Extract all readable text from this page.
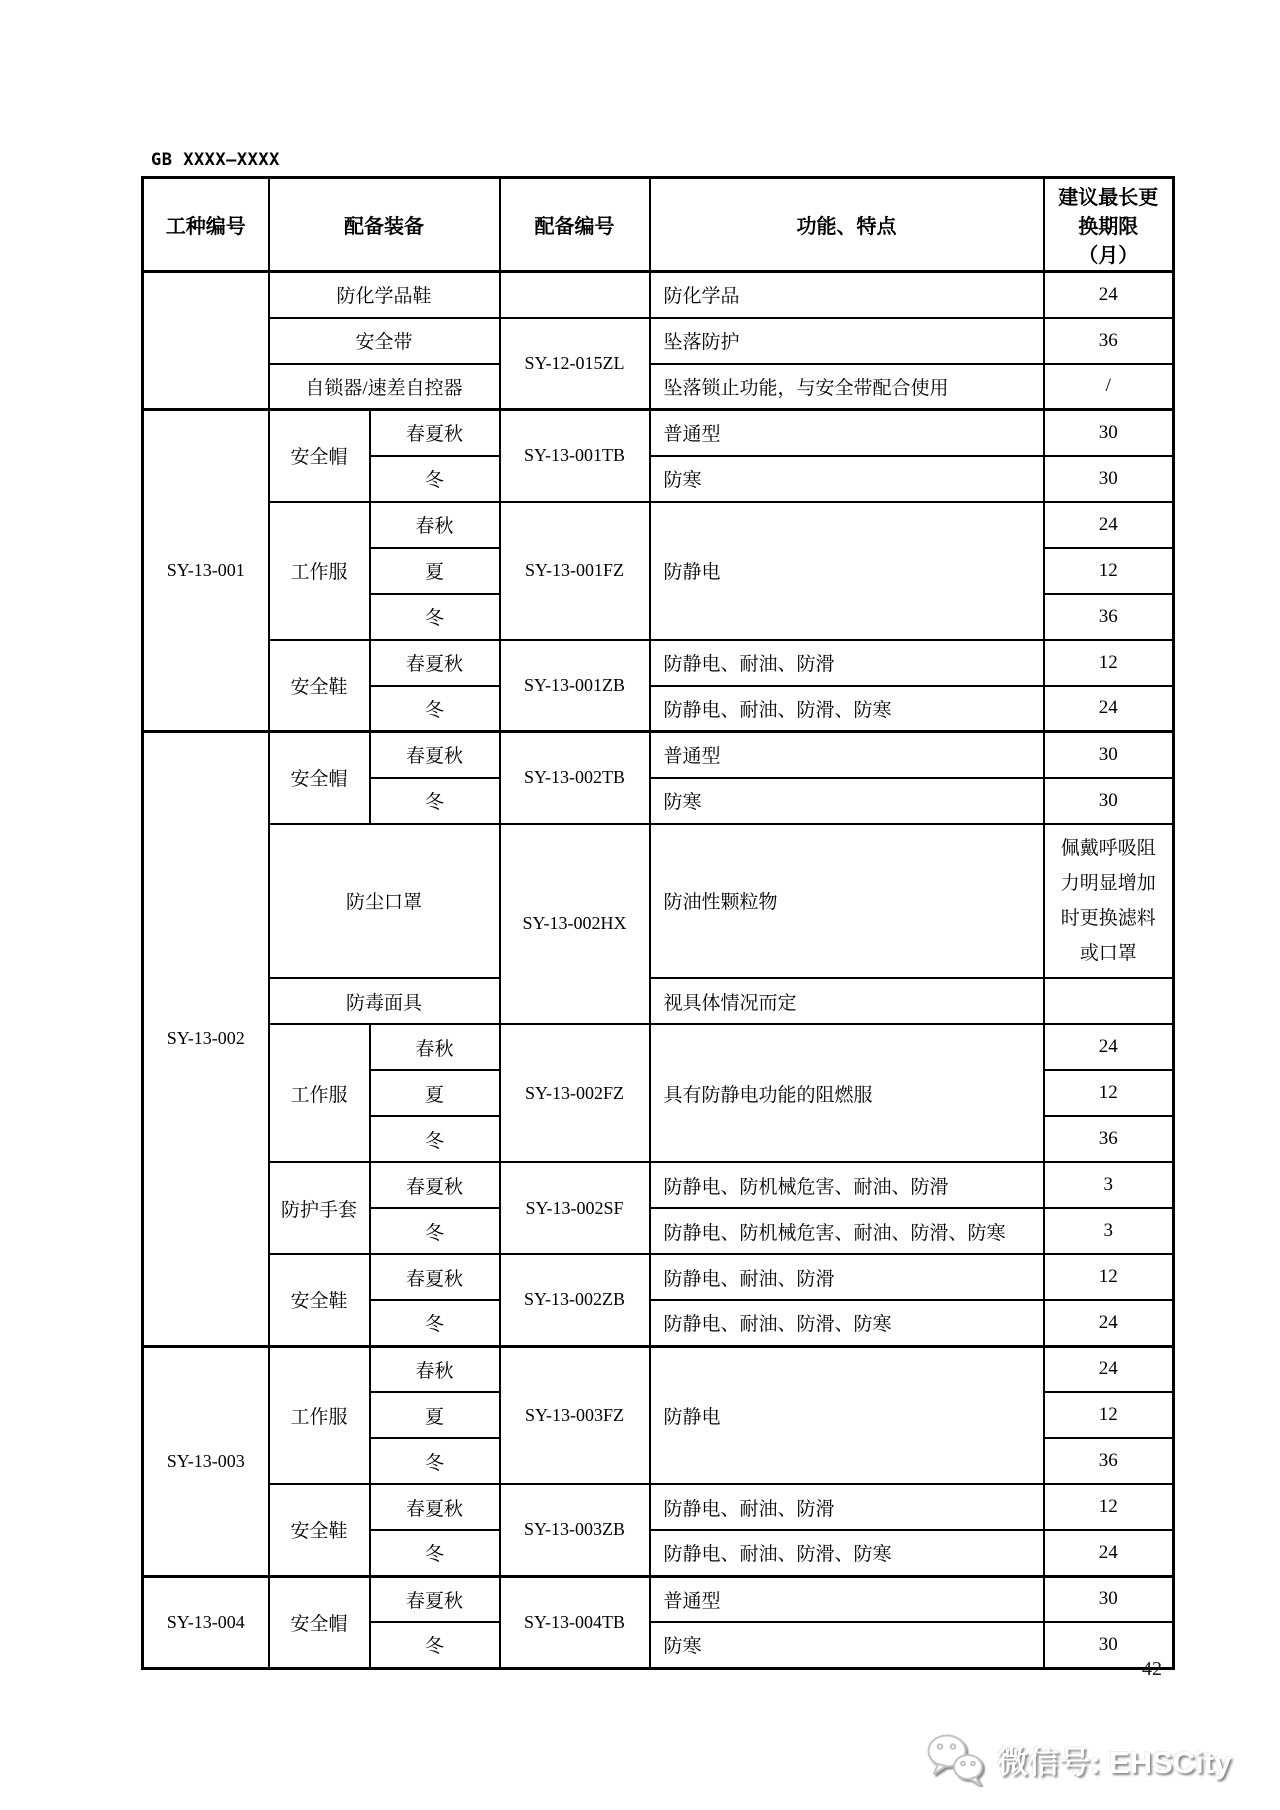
GB XXXX—XXXX
工种编号	配备装备		配备编号	功能、特点	建议最长更换期限（月）
	防化学品鞋			防化学品	24
	安全带		SY-12-015ZL	坠落防护	36
	自锁器/速差自控器			坠落锁止功能，与安全带配合使用	/
SY-13-001	安全帽	春夏秋	SY-13-001TB	普通型	30
		冬		防寒	30
	工作服	春秋	SY-13-001FZ	防静电	24
		夏			12
		冬			36
	安全鞋	春夏秋	SY-13-001ZB	防静电、耐油、防滑	12
		冬		防静电、耐油、防滑、防寒	24
SY-13-002	安全帽	春夏秋	SY-13-002TB	普通型	30
		冬		防寒	30
	防尘口罩		SY-13-002HX	防油性颗粒物	佩戴呼吸阻力明显增加时更换滤料或口罩
	防毒面具			视具体情况而定	
	工作服	春秋	SY-13-002FZ	具有防静电功能的阻燃服	24
		夏			12
		冬			36
	防护手套	春夏秋	SY-13-002SF	防静电、防机械危害、耐油、防滑	3
		冬		防静电、防机械危害、耐油、防滑、防寒	3
	安全鞋	春夏秋	SY-13-002ZB	防静电、耐油、防滑	12
		冬		防静电、耐油、防滑、防寒	24
SY-13-003	工作服	春秋	SY-13-003FZ	防静电	24
		夏			12
		冬			36
	安全鞋	春夏秋	SY-13-003ZB	防静电、耐油、防滑	12
		冬		防静电、耐油、防滑、防寒	24
SY-13-004	安全帽	春夏秋	SY-13-004TB	普通型	30
		冬		防寒	30
42
微信号: EHSCity
